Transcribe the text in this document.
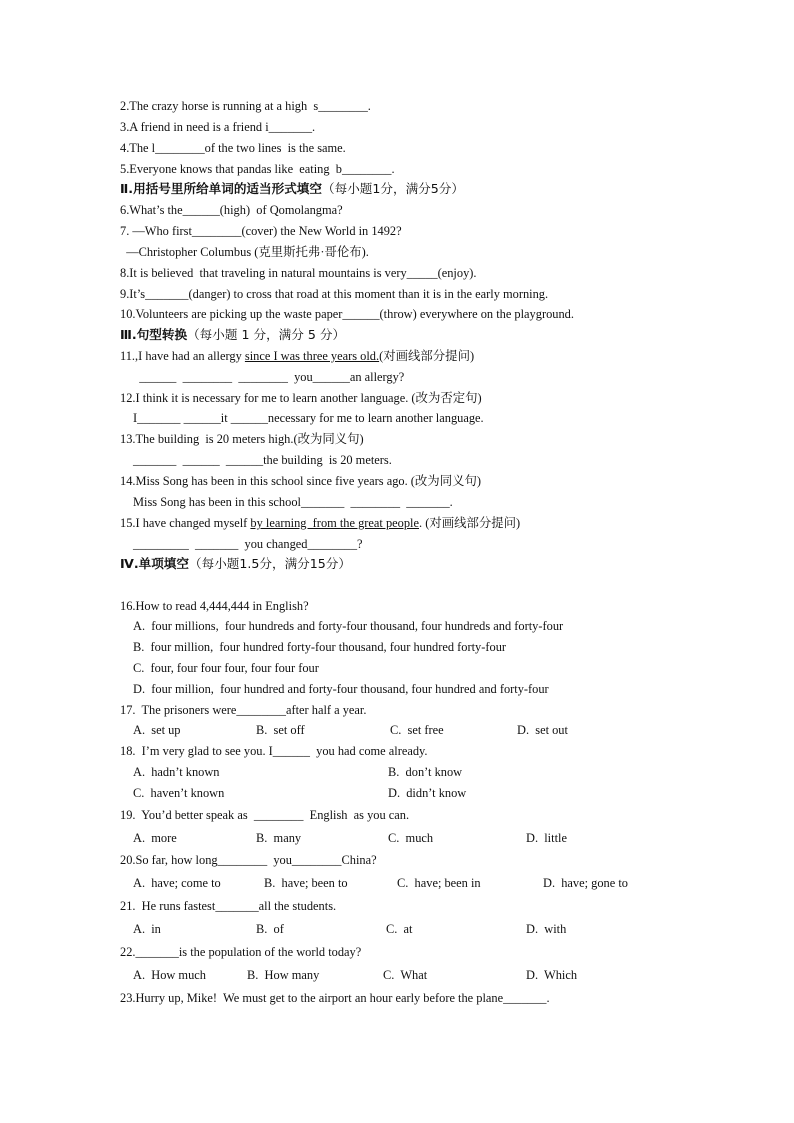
2.The crazy horse is running at a high  s________.
3.A friend in need is a friend i_______.
4.The l________of the two lines  is the same.
5.Everyone knows that pandas like  eating  b________.
Ⅱ.用括号里所给单词的适当形式填空（每小题1分，满分5分）
6.What’s the______(high)  of Qomolangma?
7. —Who first________(cover) the New World in 1492?
—Christopher Columbus (克里斯托弗·哥伦布).
8.It is believed  that traveling in natural mountains is very_____(enjoy).
9.It’s_______(danger) to cross that road at this moment than it is in the early morning.
10.Volunteers are picking up the waste paper______(throw) everywhere on the playground.
Ⅲ.句型转换（每小题 1 分，满分 5 分）
11.,I have had an allergy since I was three years old.(对画线部分提问)
______  ________  ________  you______an allergy?
12.I think it is necessary for me to learn another language. (改为否定句)
I_______ ______it ______necessary for me to learn another language.
13.The building  is 20 meters high.(改为同义句)
_______  ______  ______the building  is 20 meters.
14.Miss Song has been in this school since five years ago. (改为同义句)
Miss Song has been in this school_______  ________  _______.
15.I have changed myself by learning  from the great people. (对画线部分提问)
_________  _______  you changed________?
Ⅳ.单项填空（每小题1.5分，满分15分）
16.How to read 4,444,444 in English?
A.  four millions,  four hundreds and forty-four thousand, four hundreds and forty-four
B.  four million,  four hundred forty-four thousand, four hundred forty-four
C.  four, four four four, four four four
D.  four million,  four hundred and forty-four thousand, four hundred and forty-four
17.  The prisoners were________after half a year.
A.  set up	B.  set off	C.  set free	D.  set out
18.  I’m very glad to see you. I______  you had come already.
A.  hadn’t known	B.  don’t know
C.  haven’t known	D.  didn’t know
19.  You’d better speak as  ________  English  as you can.
A.  more	B.  many	C.  much	D.  little
20.So far, how long________  you________China?
A.  have; come to	B.  have; been to	C.  have; been in	D.  have; gone to
21.  He runs fastest_______all the students.
A.  in	B.  of	C.  at	D.  with
22._______is the population of the world today?
A.  How much	B.  How many	C.  What	D.  Which
23.Hurry up, Mike!  We must get to the airport an hour early before the plane_______.
